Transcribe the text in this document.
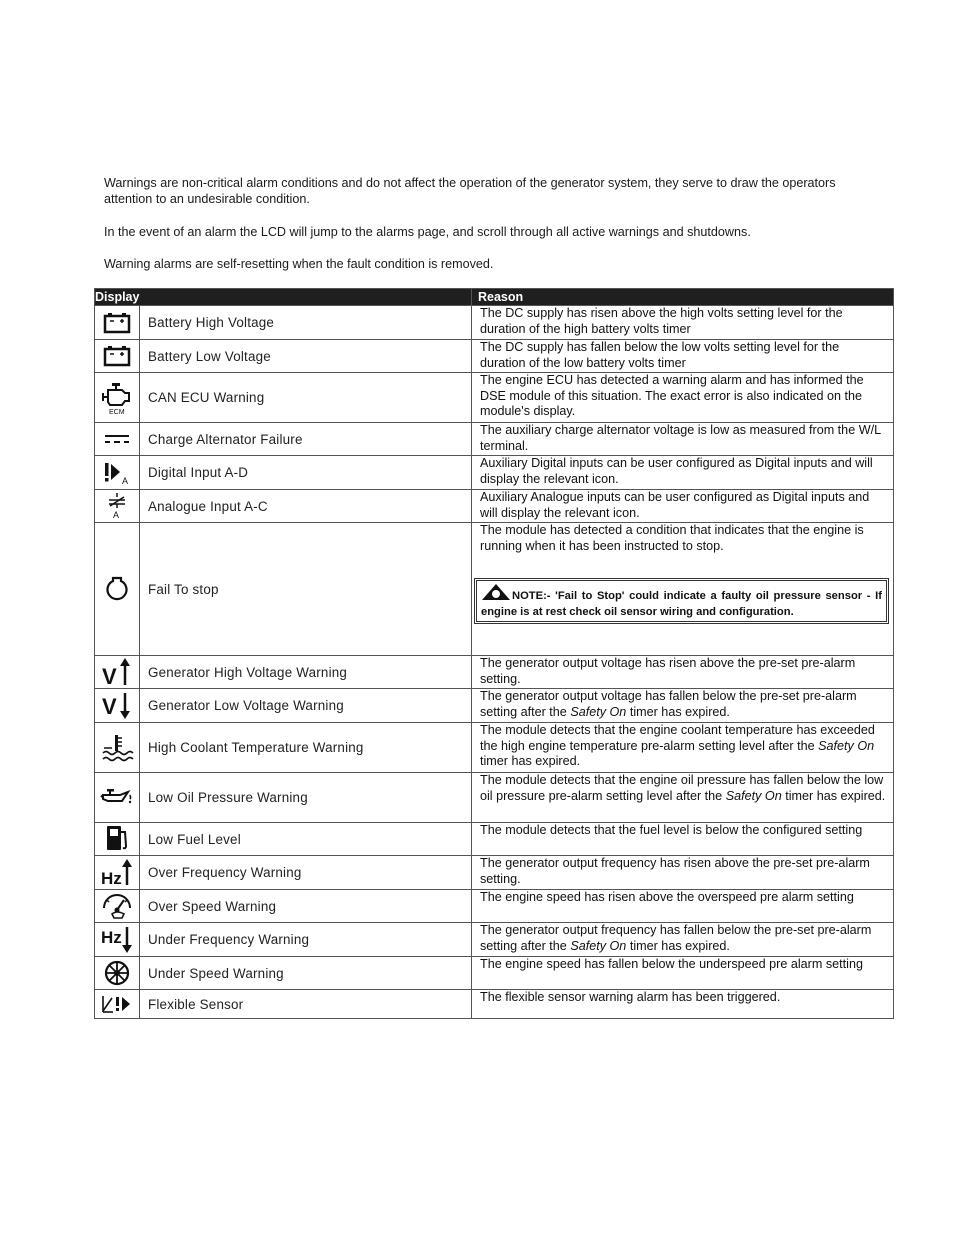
Warnings are non-critical alarm conditions and do not affect the operation of the generator system, they serve to draw the operators attention to an undesirable condition.

In the event of an alarm the LCD will jump to the alarms page, and scroll through all active warnings and shutdowns.

Warning alarms are self-resetting when the fault condition is removed.

Display		Reason

	Battery High Voltage	The DC supply has risen above the high volts setting level for the duration of the high battery volts timer

	Battery Low Voltage	The DC supply has fallen below the low volts setting level for the duration of the low battery volts timer

ECM	CAN ECU Warning	The engine ECU has detected a warning alarm and has informed the DSE module of this situation. The exact error is also indicated on the module's display.

	Charge Alternator Failure	The auxiliary charge alternator voltage is low as measured from the W/L terminal.

A	Digital Input A-D	Auxiliary Digital inputs can be user configured as Digital inputs and will display the relevant icon.

A	Analogue Input A-C	Auxiliary Analogue inputs can be user configured as Digital inputs and will display the relevant icon.

	Fail To stop	The module has detected a condition that indicates that the engine is running when it has been instructed to stop.
NOTE:- 'Fail to Stop' could indicate a faulty oil pressure sensor - If engine is at rest check oil sensor wiring and configuration.

V	Generator High Voltage Warning	The generator output voltage has risen above the pre-set pre-alarm setting.

V	Generator Low Voltage Warning	The generator output voltage has fallen below the pre-set pre-alarm setting after the Safety On timer has expired.

	High Coolant Temperature Warning	The module detects that the engine coolant temperature has exceeded the high engine temperature pre-alarm setting level after the Safety On timer has expired.

	Low Oil Pressure Warning	The module detects that the engine oil pressure has fallen below the low oil pressure pre-alarm setting level after the Safety On timer has expired.

	Low Fuel Level	The module detects that the fuel level is below the configured setting

Hz	Over Frequency Warning	The generator output frequency has risen above the pre-set pre-alarm setting.

	Over Speed Warning	The engine speed has risen above the overspeed pre alarm setting

Hz	Under Frequency Warning	The generator output frequency has fallen below the pre-set pre-alarm setting after the Safety On timer has expired.

	Under Speed Warning	The engine speed has fallen below the underspeed pre alarm setting

	Flexible Sensor	The flexible sensor warning alarm has been triggered.
